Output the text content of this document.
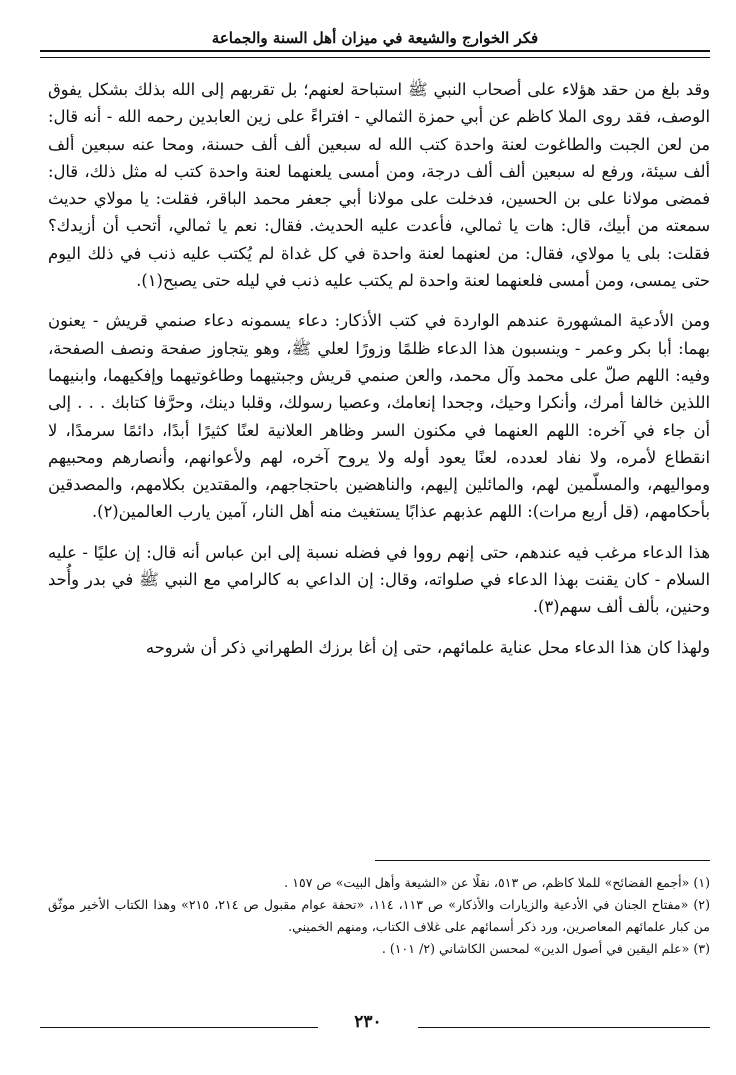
فكر الخوارج والشيعة في ميزان أهل السنة والجماعة

وقد بلغ من حقد هؤلاء على أصحاب النبي ﷺ استباحة لعنهم؛ بل تقربهم إلى الله بذلك بشكل يفوق الوصف، فقد روى الملا كاظم عن أبي حمزة الثمالي - افتراءً على زين العابدين رحمه الله - أنه قال: من لعن الجبت والطاغوت لعنة واحدة كتب الله له سبعين ألف ألف حسنة، ومحا عنه سبعين ألف ألف سيئة، ورفع له سبعين ألف ألف درجة، ومن أمسى يلعنهما لعنة واحدة كتب له مثل ذلك، قال: فمضى مولانا على بن الحسين، فدخلت على مولانا أبي جعفر محمد الباقر، فقلت: يا مولاي حديث سمعته من أبيك، قال: هات يا ثمالي، فأعدت عليه الحديث. فقال: نعم يا ثمالي، أتحب أن أزيدك؟ فقلت: بلى يا مولاي، فقال: من لعنهما لعنة واحدة في كل غداة لم يُكتب عليه ذنب في ذلك اليوم حتى يمسى، ومن أمسى فلعنهما لعنة واحدة لم يكتب عليه ذنب في ليله حتى يصبح(١).

ومن الأدعية المشهورة عندهم الواردة في كتب الأذكار: دعاء يسمونه دعاء صنمي قريش - يعنون بهما: أبا بكر وعمر - وينسبون هذا الدعاء ظلمًا وزورًا لعلي ﷺ، وهو يتجاوز صفحة ونصف الصفحة، وفيه: اللهم صلّ على محمد وآل محمد، والعن صنمي قريش وجبتيهما وطاغوتيهما وإفكيهما، وابنيهما اللذين خالفا أمرك، وأنكرا وحيك، وجحدا إنعامك، وعصيا رسولك، وقلبا دينك، وحرَّفا كتابك . . . إلى أن جاء في آخره: اللهم العنهما في مكنون السر وظاهر العلانية لعنًا كثيرًا أبدًا، دائمًا سرمدًا، لا انقطاع لأمره، ولا نفاد لعدده، لعنًا يعود أوله ولا يروح آخره، لهم ولأعوانهم، وأنصارهم ومحبيهم ومواليهم، والمسلّمين لهم، والمائلين إليهم، والناهضين باحتجاجهم، والمقتدين بكلامهم، والمصدقين بأحكامهم، (قل أربع مرات): اللهم عذبهم عذابًا يستغيث منه أهل النار، آمين يارب العالمين(٢).

هذا الدعاء مرغب فيه عندهم، حتى إنهم رووا في فضله نسبة إلى ابن عباس أنه قال: إن عليًا - عليه السلام - كان يقنت بهذا الدعاء في صلواته، وقال: إن الداعي به كالرامي مع النبي ﷺ في بدر وأُحد وحنين، بألف ألف سهم(٣).

ولهذا كان هذا الدعاء محل عناية علمائهم، حتى إن أغا برزك الطهراني ذكر أن شروحه

(١) «أجمع الفضائح» للملا كاظم، ص ٥١٣، نقلًا عن «الشيعة وأهل البيت» ص ١٥٧ .

(٢) «مفتاح الجنان في الأدعية والزيارات والأذكار» ص ١١٣، ١١٤، «تحفة عوام مقبول ص ٢١٤، ٢١٥» وهذا الكتاب الأخير موثّق من كبار علمائهم المعاصرين، ورد ذكر أسمائهم على غلاف الكتاب، ومنهم الخميني.

(٣) «علم اليقين في أصول الدين» لمحسن الكاشاني (٢/ ١٠١) .

٢٣٠
